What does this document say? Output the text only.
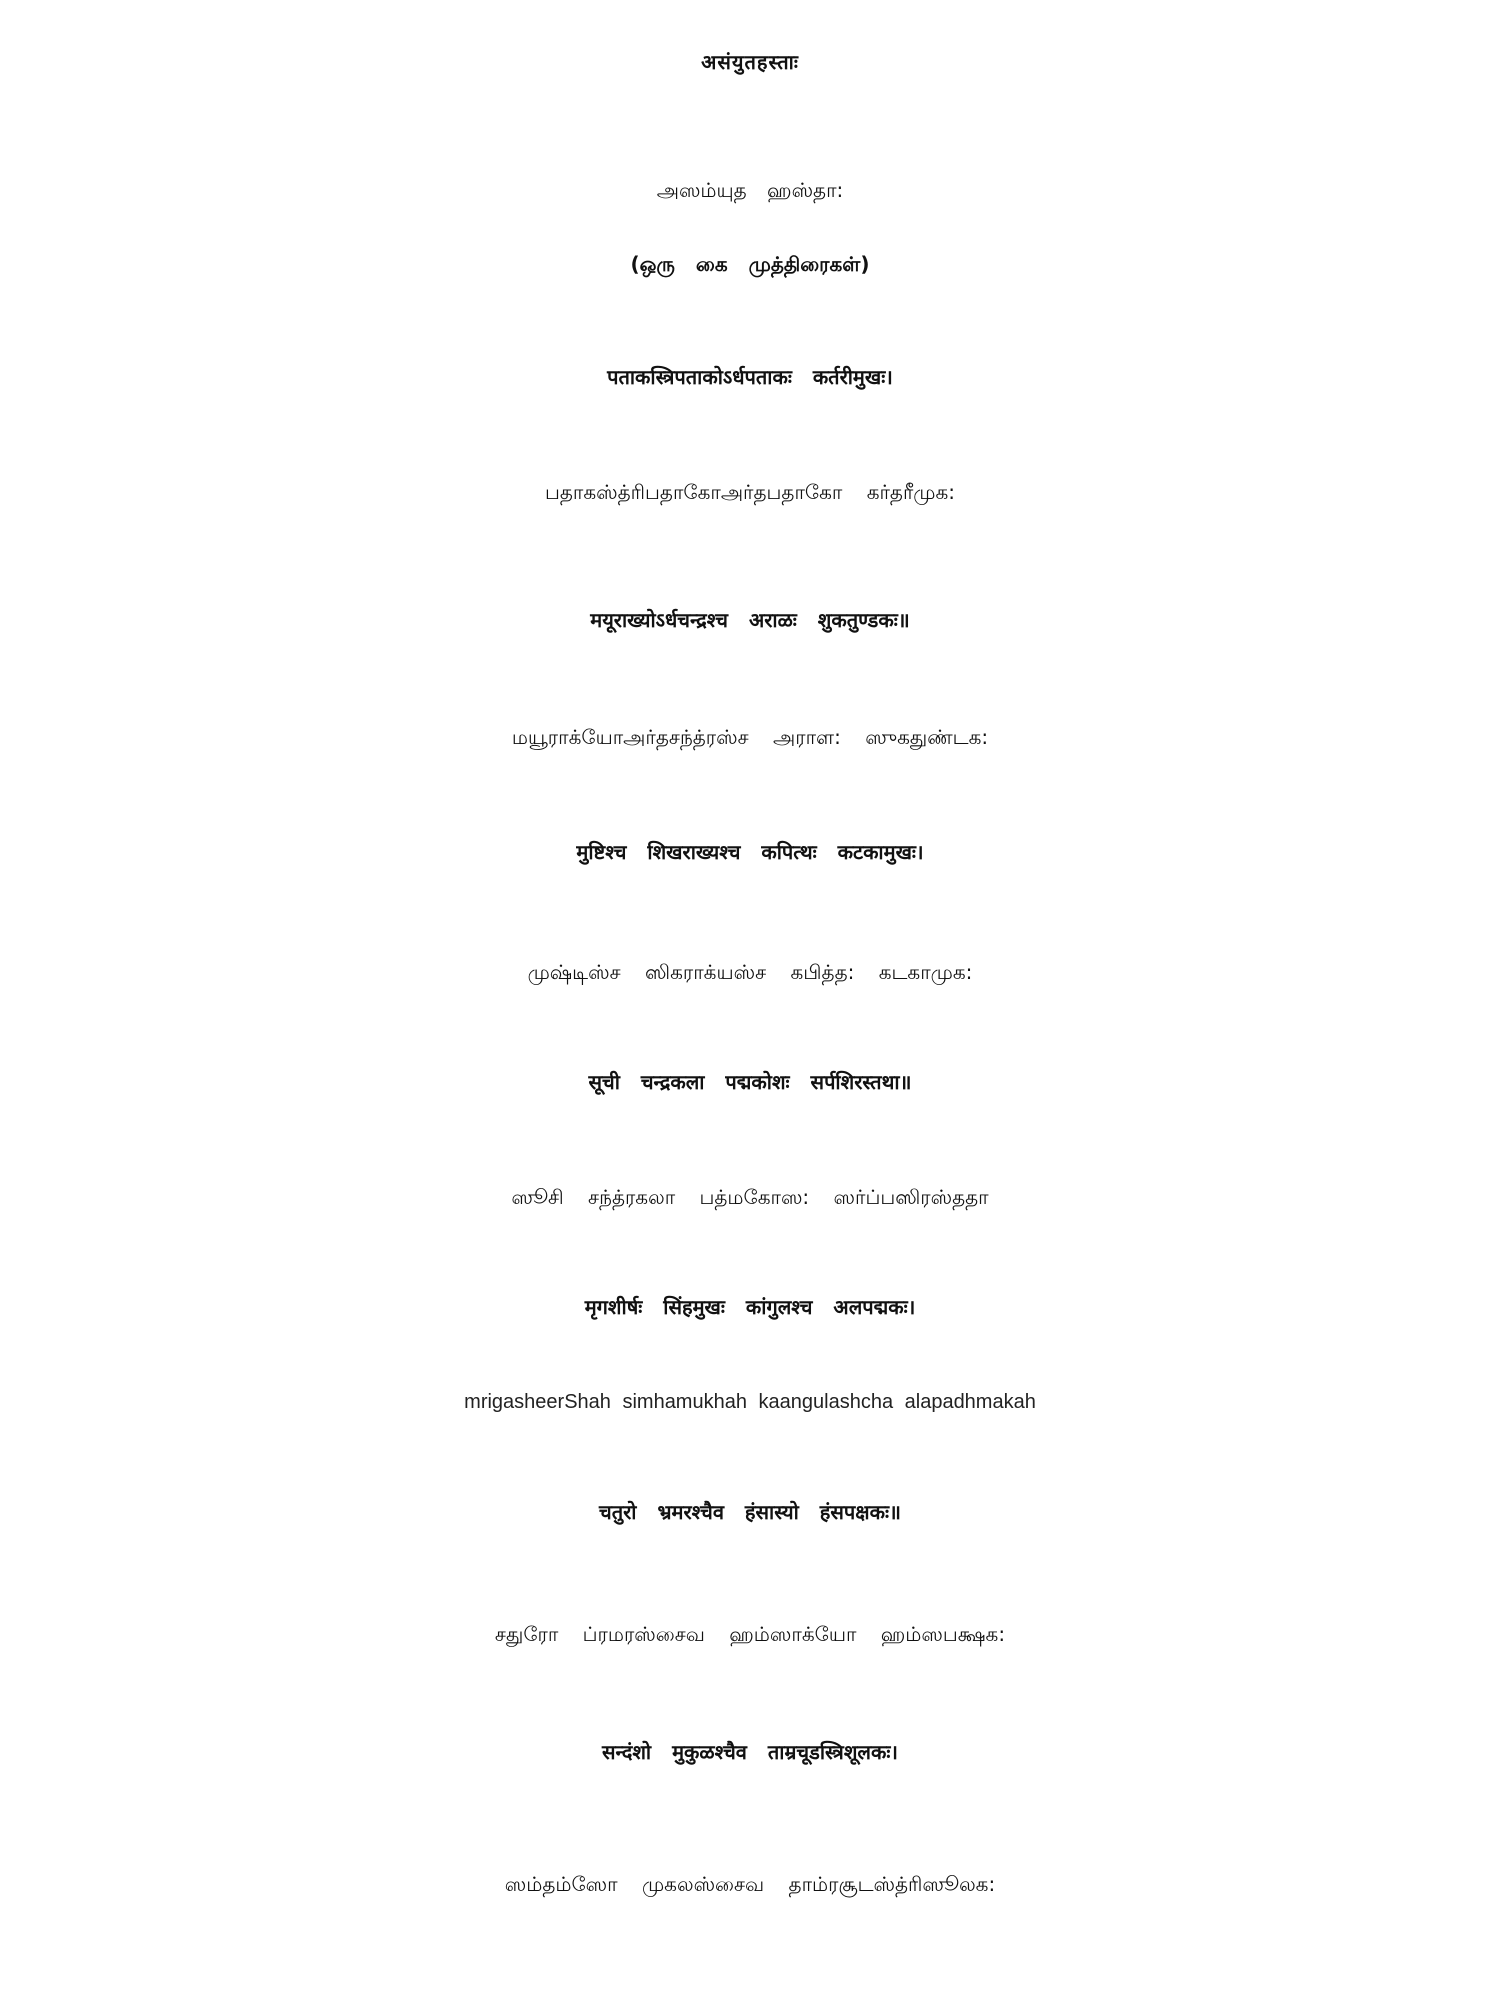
असंयुतहस्ताः
அஸம்யுத ஹஸ்தா:
(ஒரு கை முத்திரைகள்)
पताकस्त्रिपताकोऽर्धपताकः कर्तरीमुखः।
பதாகஸ்த்ரிபதாகோஅர்தபதாகோ கர்தரீமுக:
मयूराख्योऽर्धचन्द्रश्च अराळः शुकतुण्डकः॥
மயூராக்யோஅர்தசந்த்ரஸ்ச அராள: ஸுகதுண்டக:
मुष्टिश्च शिखराख्यश्च कपित्थः कटकामुखः।
முஷ்டிஸ்ச ஸிகராக்யஸ்ச கபித்த: கடகாமுக:
सूची चन्द्रकला पद्मकोशः सर्पशिरस्तथा॥
ஸூசி சந்த்ரகலா பத்மகோஸ: ஸர்ப்பஸிரஸ்ததா
मृगशीर्षः सिंहमुखः कांगुलश्च अलपद्मकः।
mrigasheerShah simhamukhah kaangulashcha alapadhmakah
चतुरो भ्रमरश्चैव हंसास्यो हंसपक्षकः॥
சதுரோ ப்ரமரஸ்சைவ ஹம்ஸாக்யோ ஹம்ஸபக்ஷக:
सन्दंशो मुकुळश्चैव ताम्रचूडस्त्रिशूलकः।
ஸம்தம்ஸோ முகலஸ்சைவ தாம்ரசூடஸ்த்ரிஸூலக:
